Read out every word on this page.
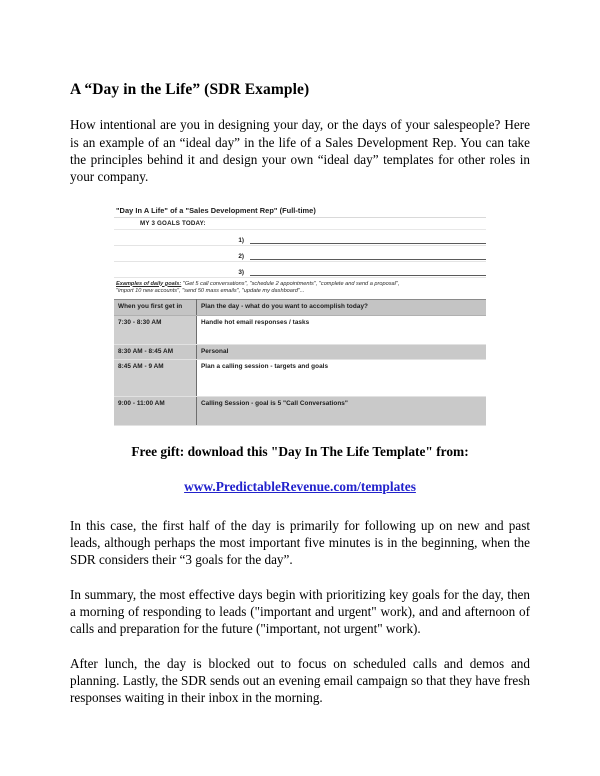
A “Day in the Life” (SDR Example)

How intentional are you in designing your day, or the days of your salespeople? Here is an example of an “ideal day” in the life of a Sales Development Rep. You can take the principles behind it and design your own “ideal day” templates for other roles in your company.

"Day In A Life" of a "Sales Development Rep" (Full-time)
MY 3 GOALS TODAY:
1)
2)
3)
Examples of daily goals: "Get 5 call conversations", "schedule 2 appointments", "complete and send a proposal",
"import 10 new accounts", "send 50 mass emails", "update my dashboard"...
When you first get in	Plan the day - what do you want to accomplish today?
7:30 - 8:30 AM	Handle hot email responses / tasks
8:30 AM - 8:45 AM	Personal
8:45 AM - 9 AM	Plan a calling session - targets and goals
9:00 - 11:00 AM	Calling Session - goal is 5 "Call Conversations"

Free gift: download this "Day In The Life Template" from:

www.PredictableRevenue.com/templates

In this case, the first half of the day is primarily for following up on new and past leads, although perhaps the most important five minutes is in the beginning, when the SDR considers their “3 goals for the day”.

In summary, the most effective days begin with prioritizing key goals for the day, then a morning of responding to leads ("important and urgent" work), and and afternoon of calls and preparation for the future ("important, not urgent" work).

After lunch, the day is blocked out to focus on scheduled calls and demos and planning. Lastly, the SDR sends out an evening email campaign so that they have fresh responses waiting in their inbox in the morning.
